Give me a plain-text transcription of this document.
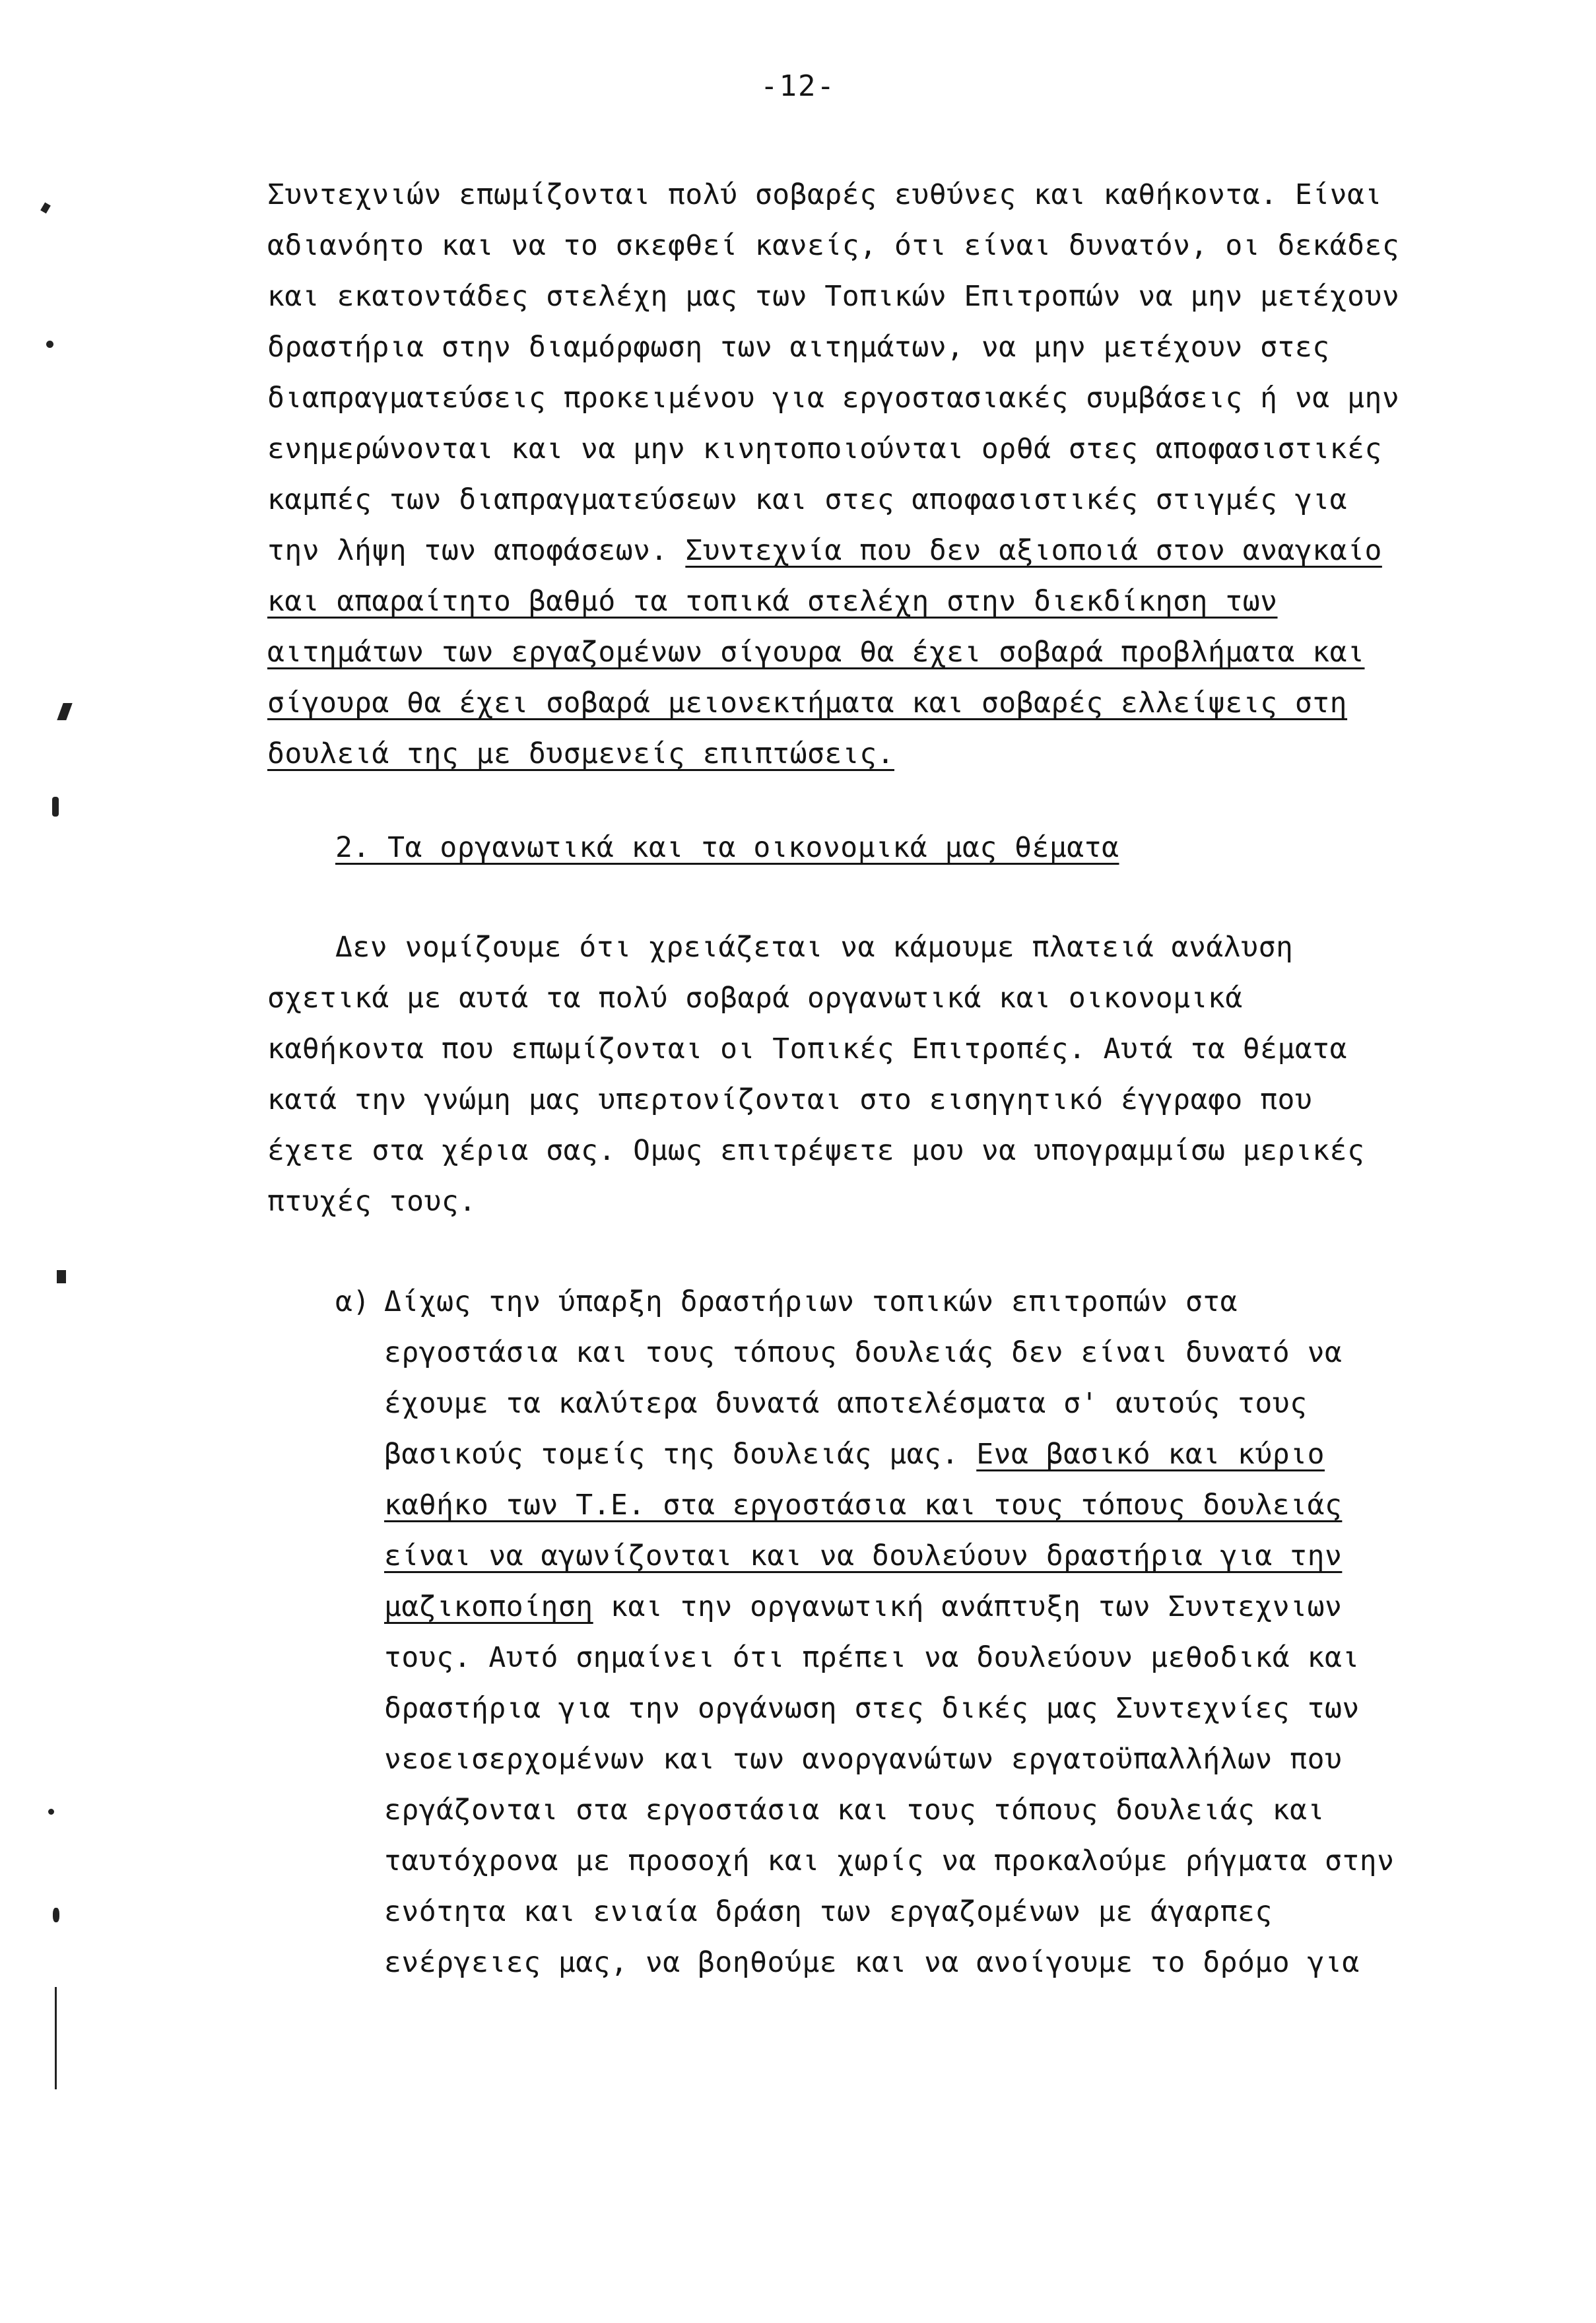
-12-
Συντεχνιών επωμίζονται πολύ σοβαρές ευθύνες και καθήκοντα. Είναι
αδιανόητο και να το σκεφθεί κανείς, ότι είναι δυνατόν, οι δεκάδες
και εκατοντάδες στελέχη μας των Τοπικών Επιτροπών να μην μετέχουν
δραστήρια στην διαμόρφωση των αιτημάτων, να μην μετέχουν στες
διαπραγματεύσεις προκειμένου για εργοστασιακές συμβάσεις ή να μην
ενημερώνονται και να μην κινητοποιούνται ορθά στες αποφασιστικές
καμπές των διαπραγματεύσεων και στες αποφασιστικές στιγμές για
την λήψη των αποφάσεων. Συντεχνία που δεν αξιοποιά στον αναγκαίο
και απαραίτητο βαθμό τα τοπικά στελέχη στην διεκδίκηση των
αιτημάτων των εργαζομένων σίγουρα θα έχει σοβαρά προβλήματα και
σίγουρα θα έχει σοβαρά μειονεκτήματα και σοβαρές ελλείψεις στη
δουλειά της με δυσμενείς επιπτώσεις.
2. Τα οργανωτικά και τα οικονομικά μας θέματα
Δεν νομίζουμε ότι χρειάζεται να κάμουμε πλατειά ανάλυση
σχετικά με αυτά τα πολύ σοβαρά οργανωτικά και οικονομικά
καθήκοντα που επωμίζονται οι Τοπικές Επιτροπές. Αυτά τα θέματα
κατά την γνώμη μας υπερτονίζονται στο εισηγητικό έγγραφο που
έχετε στα χέρια σας. Ομως επιτρέψετε μου να υπογραμμίσω μερικές
πτυχές τους.
α) Δίχως την ύπαρξη δραστήριων τοπικών επιτροπών στα
εργοστάσια και τους τόπους δουλειάς δεν είναι δυνατό να
έχουμε τα καλύτερα δυνατά αποτελέσματα σ' αυτούς τους
βασικούς τομείς της δουλειάς μας. Ενα βασικό και κύριο
καθήκο των Τ.Ε. στα εργοστάσια και τους τόπους δουλειάς
είναι να αγωνίζονται και να δουλεύουν δραστήρια για την
μαζικοποίηση και την οργανωτική ανάπτυξη των Συντεχνιων
τους. Αυτό σημαίνει ότι πρέπει να δουλεύουν μεθοδικά και
δραστήρια για την οργάνωση στες δικές μας Συντεχνίες των
νεοεισερχομένων και των ανοργανώτων εργατοϋπαλλήλων που
εργάζονται στα εργοστάσια και τους τόπους δουλειάς και
ταυτόχρονα με προσοχή και χωρίς να προκαλούμε ρήγματα στην
ενότητα και ενιαία δράση των εργαζομένων με άγαρπες
ενέργειες μας, να βοηθούμε και να ανοίγουμε το δρόμο για
